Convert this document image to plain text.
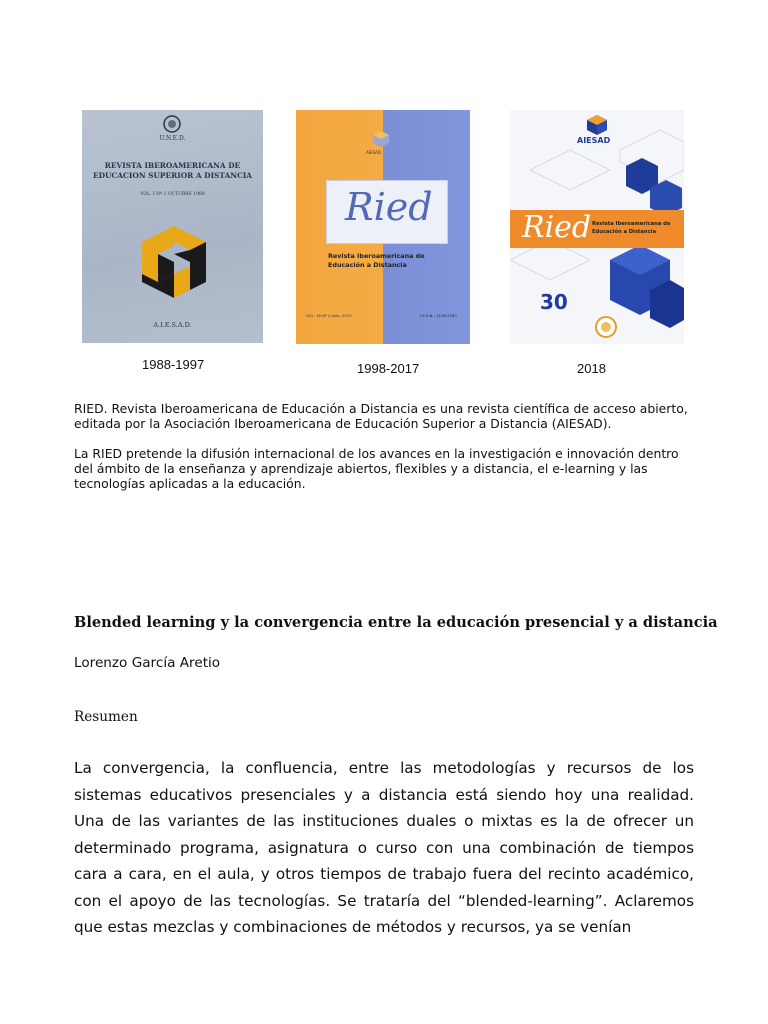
U.N.E.D.
REVISTA IBEROAMERICANA DE
EDUCACION SUPERIOR A DISTANCIA
VOL. I Nº 1 OCTUBRE 1988
A.I.E.S.A.D.
1988-1997
AIESAD
Ried
Revista Iberoamericana de
Educación a Distancia
VOL. 16 Nº 2 Julio, 2013	I.S.S.N.: 1138-2783
1998-2017
AIESAD
Ried Revista Iberoamericana de
Educación a Distancia
30
2018
RIED. Revista Iberoamericana de Educación a Distancia es una revista científica de acceso abierto, editada por la Asociación Iberoamericana de Educación Superior a Distancia (AIESAD).
La RIED pretende la difusión internacional de los avances en la investigación e innovación dentro del ámbito de la enseñanza y aprendizaje abiertos, flexibles y a distancia, el e-learning y las tecnologías aplicadas a la educación.
Blended learning y la convergencia entre la educación presencial y a distancia
Lorenzo García Aretio
Resumen
La convergencia, la confluencia, entre las metodologías y recursos de los sistemas educativos presenciales y a distancia está siendo hoy una realidad. Una de las variantes de las instituciones duales o mixtas es la de ofrecer un determinado programa, asignatura o curso con una combinación de tiempos cara a cara, en el aula, y otros tiempos de trabajo fuera del recinto académico, con el apoyo de las tecnologías. Se trataría del “blended-learning”. Aclaremos que estas mezclas y combinaciones de métodos y recursos, ya se venían
